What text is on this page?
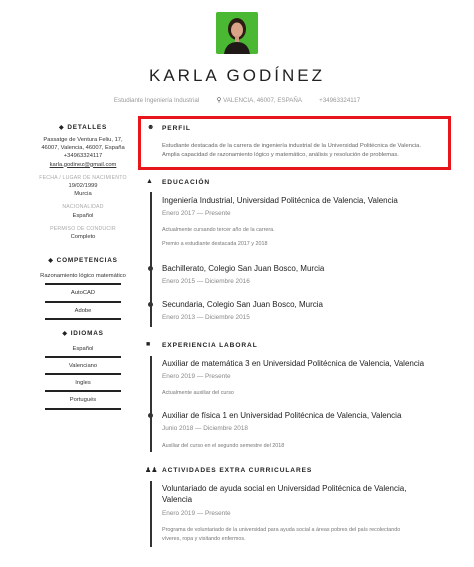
KARLA GODÍNEZ
Estudiante Ingeniería Industrial	⚲ VALENCIA, 46007, ESPAÑA	+34963324117
◆ DETALLES
Passatge de Ventura Feliu, 17,
46007, Valencia, 46007, España
+34963324117
karla.godinez@gmail.com
FECHA / LUGAR DE NACIMIENTO
19/02/1999
Murcia
NACIONALIDAD
Español
PERMISO DE CONDUCIR
Completo
◆ COMPETENCIAS
Razonamiento lógico matemático
AutoCAD
Adobe
◆ IDIOMAS
Español
Valenciano
Ingles
Portugués
☻ PERFIL
Estudiante destacada de la carrera de ingeniería industrial de la Universidad Politécnica de Valencia.
Amplia capacidad de razonamiento lógico y matemático, análisis y resolución de problemas.
▲ EDUCACIÓN
Ingeniería Industrial, Universidad Politécnica de Valencia, Valencia
Enero 2017 — Presente
Actualmente cursando tercer año de la carrera.
Premio a estudiante destacada 2017 y 2018
Bachillerato, Colegio San Juan Bosco, Murcia
Enero 2015 — Diciembre 2016
Secundaria, Colegio San Juan Bosco, Murcia
Enero 2013 — Diciembre 2015
■ EXPERIENCIA LABORAL
Auxiliar de matemática 3 en Universidad Politécnica de Valencia, Valencia
Enero 2019 — Presente
Actualmente auxiliar del curso
Auxiliar de física 1 en Universidad Politécnica de Valencia, Valencia
Junio 2018 — Diciembre 2018
Auxiliar del curso en el segundo semestre del 2018
♟♟ ACTIVIDADES EXTRA CURRICULARES
Voluntariado de ayuda social en Universidad Politécnica de Valencia,
Valencia
Enero 2019 — Presente
Programa de voluntariado de la universidad para ayuda social a áreas pobres del país recolectando
víveres, ropa y visitando enfermos.
